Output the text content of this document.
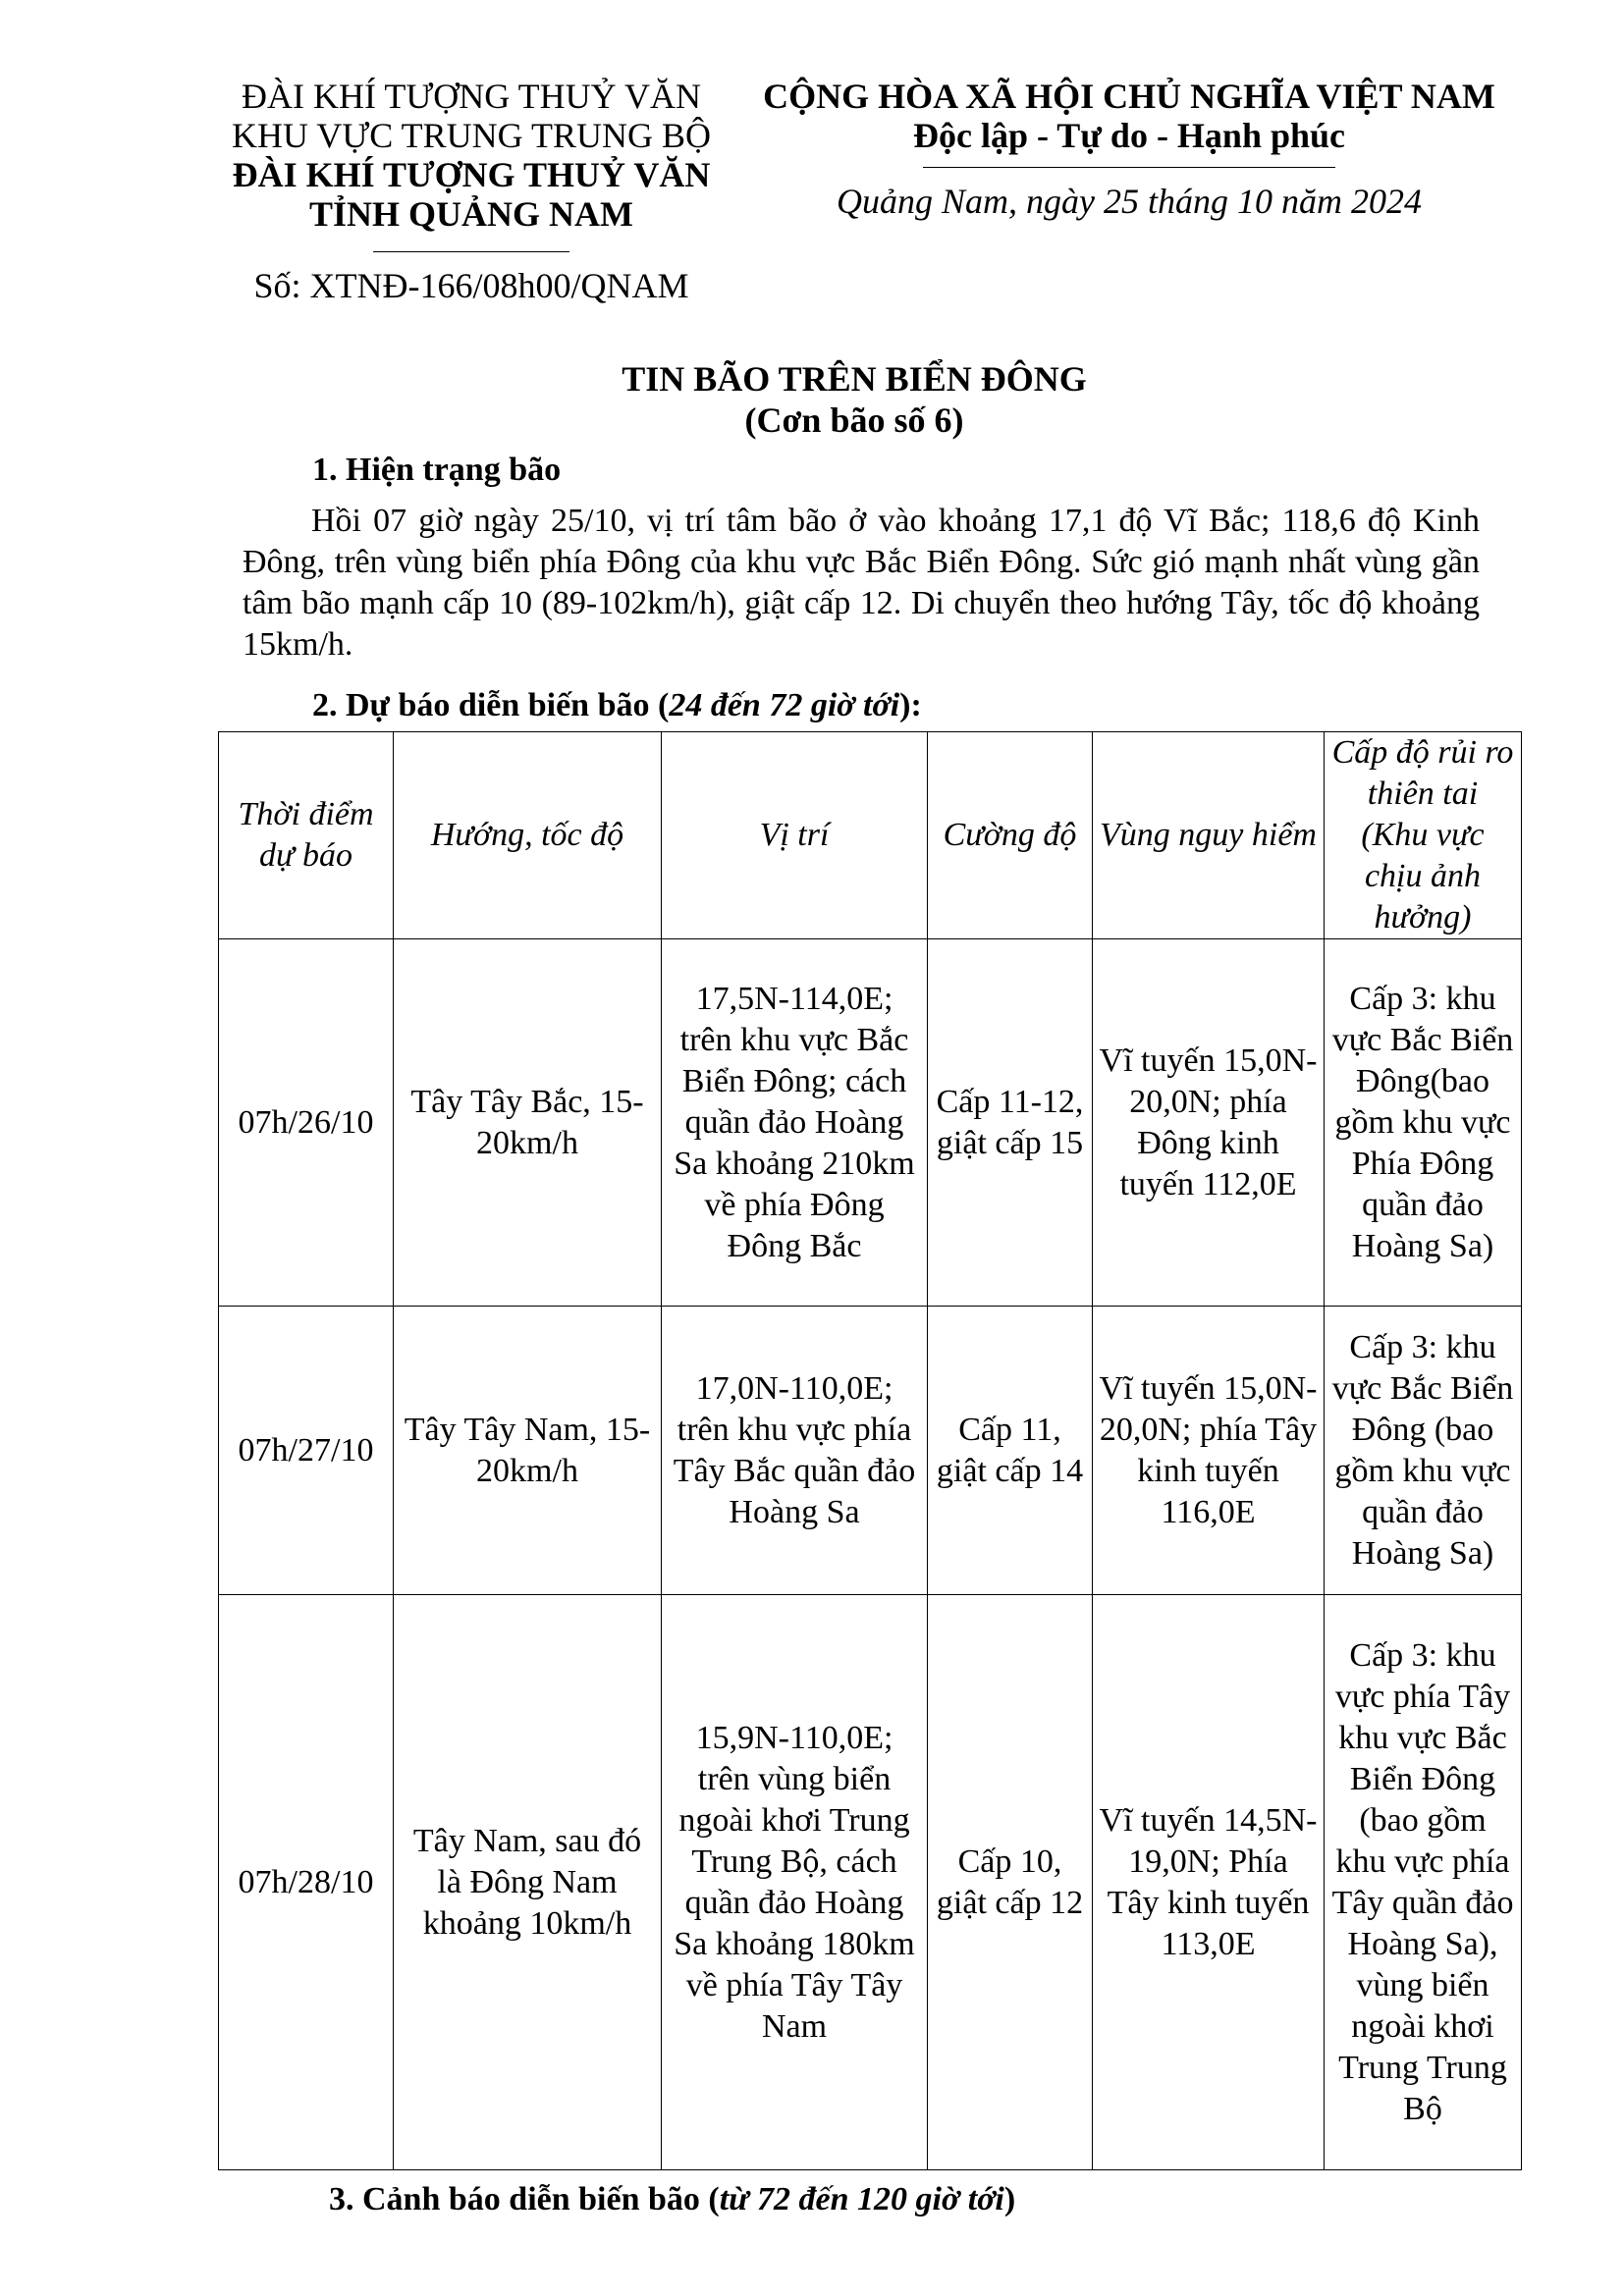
ĐÀI KHÍ TƯỢNG THUỶ VĂN
KHU VỰC TRUNG TRUNG BỘ
ĐÀI KHÍ TƯỢNG THUỶ VĂN
TỈNH QUẢNG NAM
Số: XTNĐ-166/08h00/QNAM
CỘNG HÒA XÃ HỘI CHỦ NGHĨA VIỆT NAM
Độc lập - Tự do - Hạnh phúc
Quảng Nam, ngày 25 tháng 10 năm 2024
TIN BÃO TRÊN BIỂN ĐÔNG
(Cơn bão số 6)
1. Hiện trạng bão
Hồi 07 giờ ngày 25/10, vị trí tâm bão ở vào khoảng 17,1 độ Vĩ Bắc; 118,6 độ Kinh Đông, trên vùng biển phía Đông của khu vực Bắc Biển Đông. Sức gió mạnh nhất vùng gần tâm bão mạnh cấp 10 (89-102km/h), giật cấp 12. Di chuyển theo hướng Tây, tốc độ khoảng 15km/h.
2. Dự báo diễn biến bão (24 đến 72 giờ tới):
Thời điểm dự báo	Hướng, tốc độ	Vị trí	Cường độ	Vùng nguy hiểm	Cấp độ rủi ro thiên tai (Khu vực chịu ảnh hưởng)
07h/26/10	Tây Tây Bắc, 15-20km/h	17,5N-114,0E; trên khu vực Bắc Biển Đông; cách quần đảo Hoàng Sa khoảng 210km về phía Đông Đông Bắc	Cấp 11-12, giật cấp 15	Vĩ tuyến 15,0N-20,0N; phía Đông kinh tuyến 112,0E	Cấp 3: khu vực Bắc Biển Đông(bao gồm khu vực Phía Đông quần đảo Hoàng Sa)
07h/27/10	Tây Tây Nam, 15-20km/h	17,0N-110,0E; trên khu vực phía Tây Bắc quần đảo Hoàng Sa	Cấp 11, giật cấp 14	Vĩ tuyến 15,0N-20,0N; phía Tây kinh tuyến 116,0E	Cấp 3: khu vực Bắc Biển Đông (bao gồm khu vực quần đảo Hoàng Sa)
07h/28/10	Tây Nam, sau đó là Đông Nam khoảng 10km/h	15,9N-110,0E; trên vùng biển ngoài khơi Trung Trung Bộ, cách quần đảo Hoàng Sa khoảng 180km về phía Tây Tây Nam	Cấp 10, giật cấp 12	Vĩ tuyến 14,5N-19,0N; Phía Tây kinh tuyến 113,0E	Cấp 3: khu vực phía Tây khu vực Bắc Biển Đông (bao gồm khu vực phía Tây quần đảo Hoàng Sa), vùng biển ngoài khơi Trung Trung Bộ
3. Cảnh báo diễn biến bão (từ 72 đến 120 giờ tới)
